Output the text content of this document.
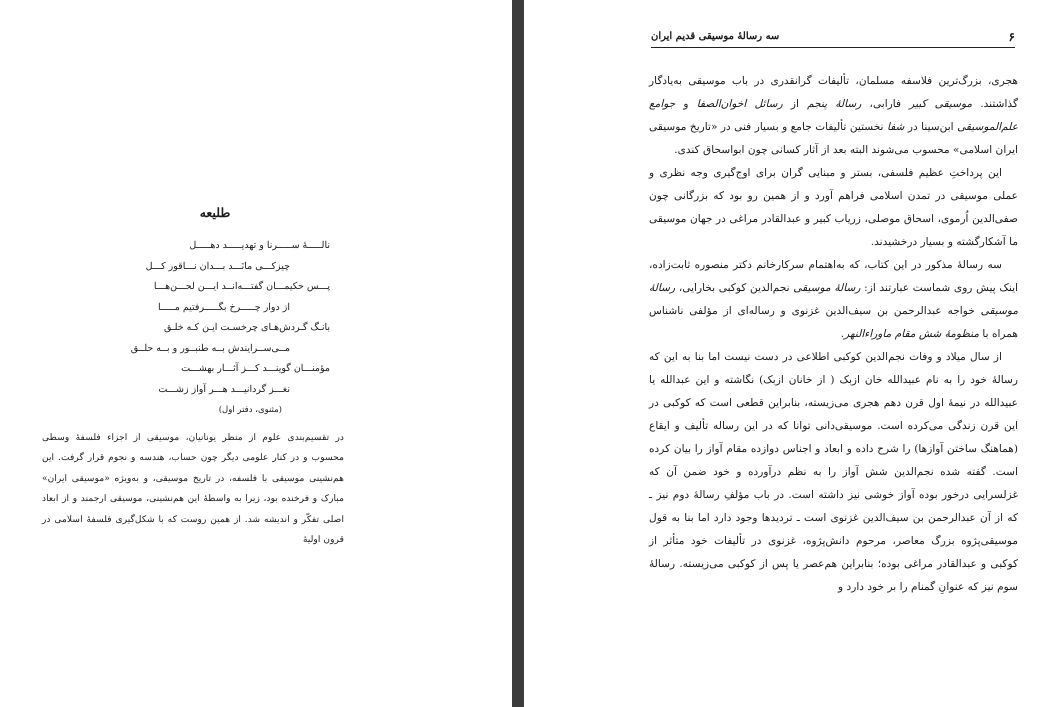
طلیعه
نالـــــهٔ ســـــرنا و تهدیـــــد دهـــــل
چیزکـــی مانَـــد بـــدان نـــاقور کـــل
پـــس حکیمـــان گفتـــه‌انــد ایـــن لحـــن‌هـــا
از دوار چـــــرخ بگـــــرفتیم مـــــا
بانـگ گـردش‌هـای چرخسـت ایـن کـه خلـق
مــی‌ســرایندش بــه طنبــور و بــه حلــق
مؤمنـــان گوینـــد کـــز آثـــار بهشـــت
نغـــز گردانیـــد هـــر آواز زشـــت
(مثنوی، دفتر اول)

در تقسیم‌بندی علوم از منظر یونانیان، موسیقی از اجزاء فلسفهٔ وسطی محسوب و در کنار علومی دیگر چون حساب، هندسه و نجوم قرار گرفت. این هم‌نشینی موسیقی با فلسفه، در تاریخ موسیقی، و به‌ویژه «موسیقی ایران» مبارک و فرخنده بود، زیرا به واسطهٔ این هم‌نشینی، موسیقی ارجمند و از ابعاد اصلی تفکّر و اندیشه شد. از همین روست که با شکل‌گیری فلسفهٔ اسلامی در قرون اولیهٔ

۶
سه رسالهٔ موسیقی قدیم ایران

هجری، بزرگ‌ترین فلاسفه مسلمان، تألیفات گرانقدری در باب موسیقی به‌یادگار گذاشتند. موسیقی کبیر فارابی، رسالهٔ پنجم از رسائل اخوان‌الصفا و جوامع علم‌الموسیقی ابن‌سینا در شفا نخستین تألیفات جامع و بسیار فنی در «تاریخ موسیقی ایران اسلامی» محسوب می‌شوند البته بعد از آثار کسانی چون ابواسحاق کندی.

این پرداختِ عظیم فلسفی، بستر و مبنایی گران برای اوج‌گیری وجه نظری و عملی موسیقی در تمدن اسلامی فراهم آورد و از همین رو بود که بزرگانی چون صفی‌الدین اُرموی، اسحاق موصلی، زریاب کبیر و عبدالقادر مراغی در جهان موسیقی ما آشکارگشته و بسیار درخشیدند.

سه رسالهٔ مذکور در این کتاب، که به‌اهتمام سرکارخانم دکتر منصوره ثابت‌زاده، اینک پیش روی شماست عبارتند از: رسالهٔ موسیقی نجم‌الدین کوکبی بخارایی، رسالهٔ موسیقی خواجه عبدالرحمن بن سیف‌الدین غزنوی و رساله‌ای از مؤلفی ناشناس همراه با منظومهٔ شش مقام ماوراءالنهر.

از سال میلاد و وفات نجم‌الدین کوکبی اطلاعی در دست نیست اما بنا به این که رسالهٔ خود را به نام عبیدالله خان ازبک ( از خانان ازبک) نگاشته و این عبدالله یا عبیدالله در نیمهٔ اول قرن دهم هجری می‌زیسته، بنابراین قطعی است که کوکبی در این قرن زندگی می‌کرده است. موسیقی‌دانی توانا که در این رساله تألیف و ایقاع (هماهنگ ساختن آوازها) را شرح داده و ابعاد و اجناس دوازده مقام آواز را بیان کرده است. گفته شده نجم‌الدین شش آواز را به نظم درآورده و خود ضمن آن که غزلسرایی درخور بوده آواز خوشی نیز داشته است. در باب مؤلفِ رسالهٔ دوم نیز ـ که از آن عبدالرحمن بن سیف‌الدین غزنوی است ـ تردیدها وجود دارد اما بنا به قول موسیقی‌پژوه بزرگ معاصر، مرحوم دانش‌پژوه، غزنوی در تألیفات خود متأثر از کوکبی و عبدالقادر مراغی بوده؛ بنابراین هم‌عصر یا پس از کوکبی می‌زیسته. رسالهٔ سوم نیز که عنوانِ گمنام را بر خود دارد و
